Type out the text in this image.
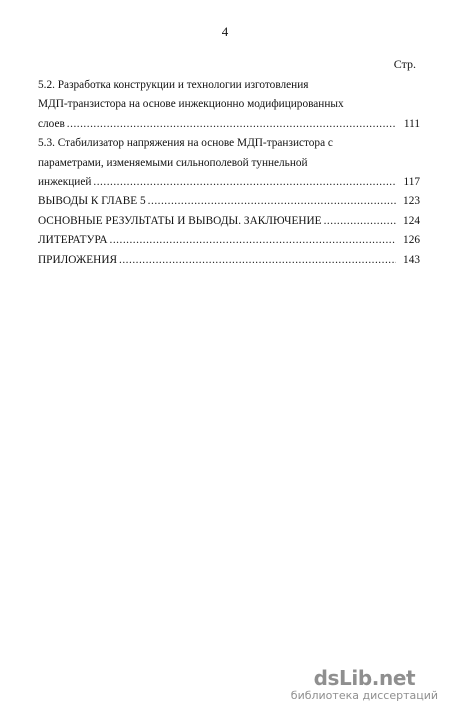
4
Стр.
5.2. Разработка конструкции и технологии изготовления
МДП-транзистора на основе инжекционно модифицированных
слоев .....	111
5.3. Стабилизатор напряжения на основе МДП-транзистора с
параметрами, изменяемыми сильнополевой туннельной
инжекцией .....	117
ВЫВОДЫ К ГЛАВЕ 5 .....	123
ОСНОВНЫЕ РЕЗУЛЬТАТЫ И ВЫВОДЫ. ЗАКЛЮЧЕНИЕ .....	124
ЛИТЕРАТУРА .....	126
ПРИЛОЖЕНИЯ .....	143
dsLib.net
библиотека диссертаций
